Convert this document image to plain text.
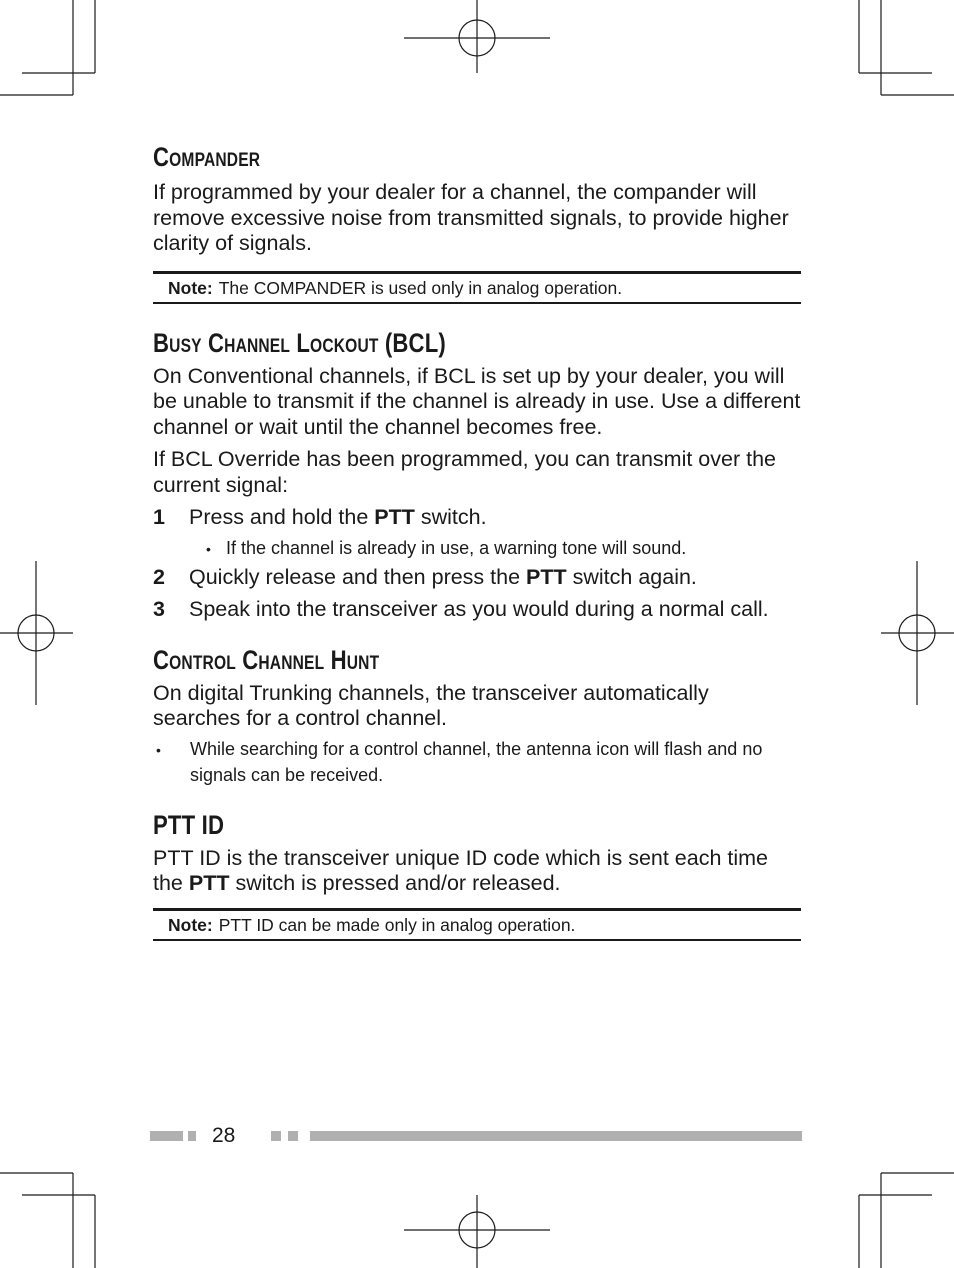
Compander

If programmed by your dealer for a channel, the compander will remove excessive noise from transmitted signals, to provide higher clarity of signals.

Note: The COMPANDER is used only in analog operation.
Busy Channel Lockout (BCL)

On Conventional channels, if BCL is set up by your dealer, you will be unable to transmit if the channel is already in use. Use a different channel or wait until the channel becomes free.

If BCL Override has been programmed, you can transmit over the current signal:

1 Press and hold the PTT switch.
• If the channel is already in use, a warning tone will sound.
2 Quickly release and then press the PTT switch again.
3 Speak into the transceiver as you would during a normal call.
Control Channel Hunt

On digital Trunking channels, the transceiver automatically searches for a control channel.

• While searching for a control channel, the antenna icon will flash and no signals can be received.
PTT ID

PTT ID is the transceiver unique ID code which is sent each time the PTT switch is pressed and/or released.

Note: PTT ID can be made only in analog operation.
28
